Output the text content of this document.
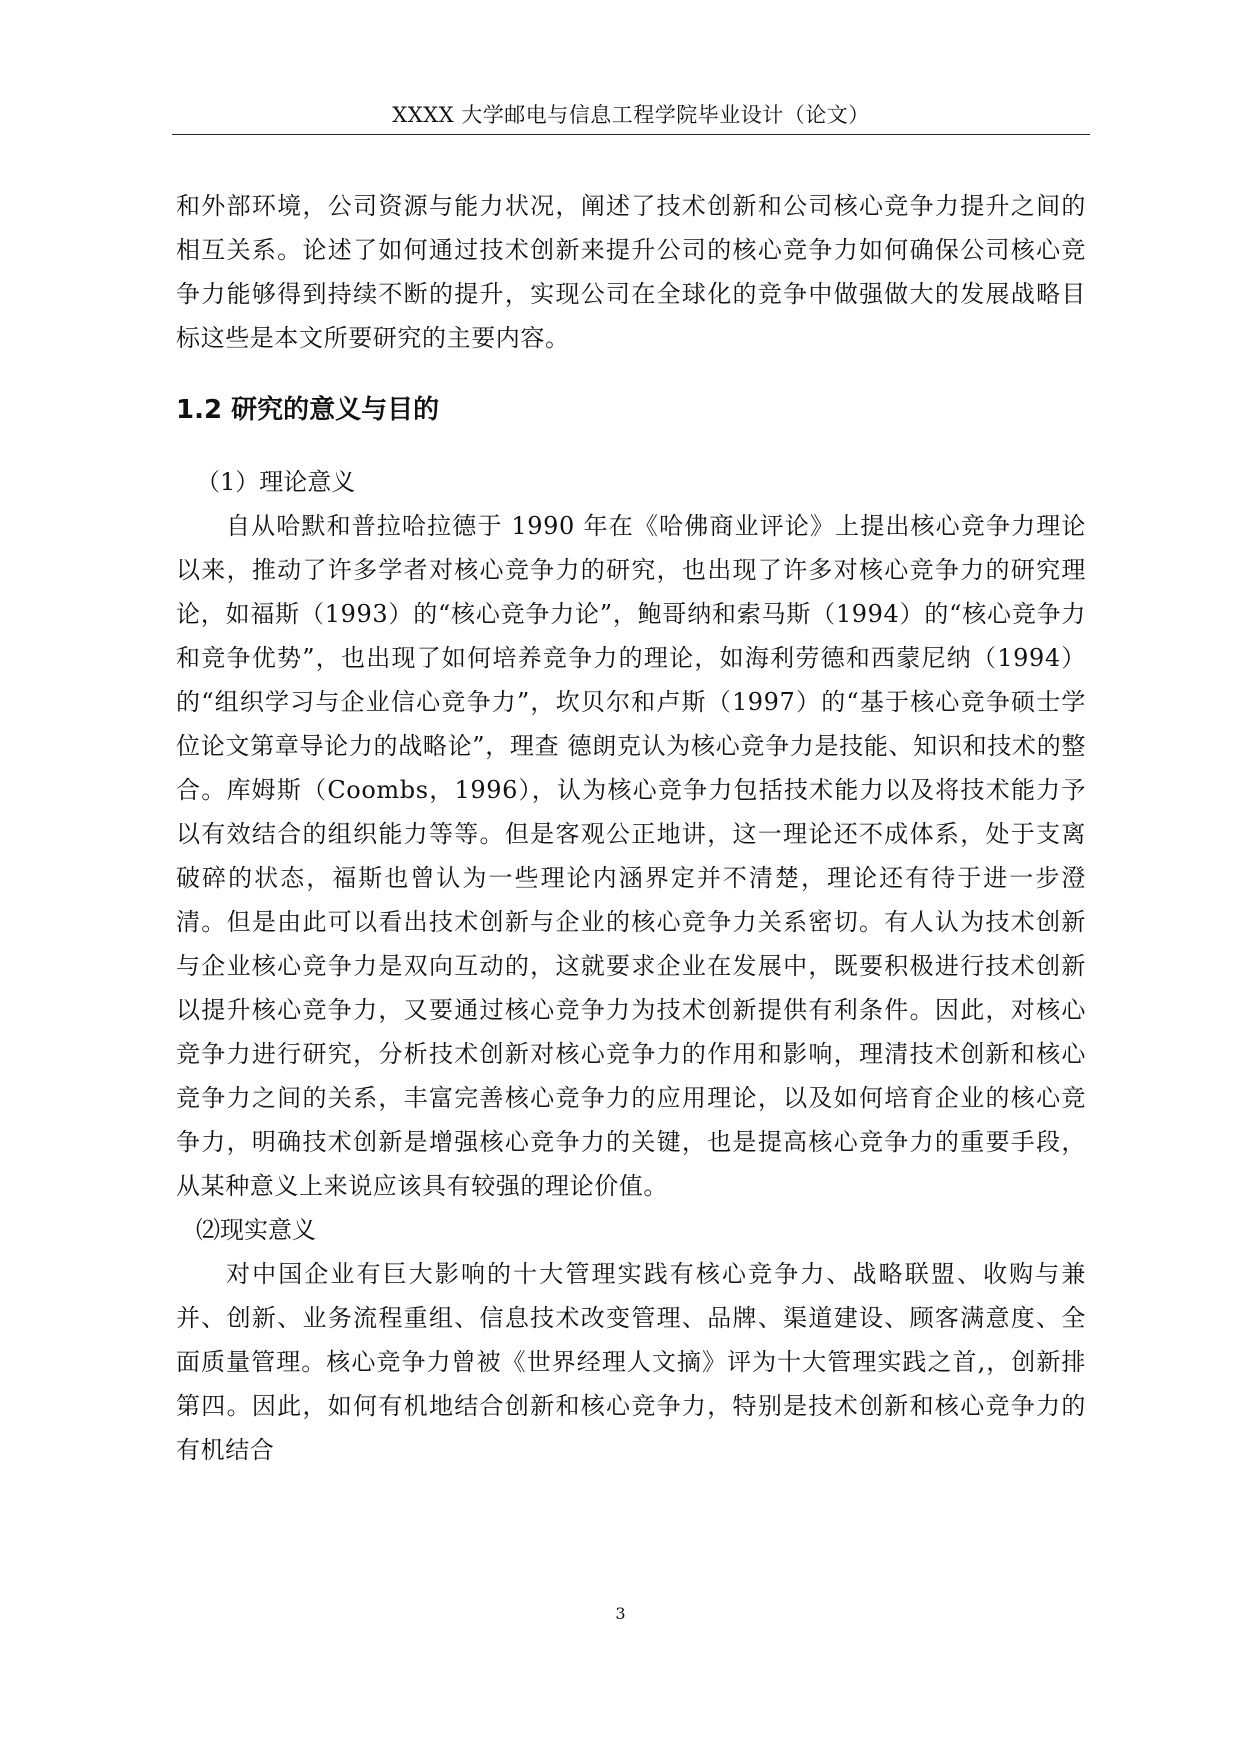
XXXX 大学邮电与信息工程学院毕业设计（论文）

和外部环境，公司资源与能力状况，阐述了技术创新和公司核心竞争力提升之间的相互关系。论述了如何通过技术创新来提升公司的核心竞争力如何确保公司核心竞争力能够得到持续不断的提升，实现公司在全球化的竞争中做强做大的发展战略目标这些是本文所要研究的主要内容。

1.2 研究的意义与目的

（1）理论意义

自从哈默和普拉哈拉德于 1990 年在《哈佛商业评论》上提出核心竞争力理论以来，推动了许多学者对核心竞争力的研究，也出现了许多对核心竞争力的研究理论，如福斯（1993）的“核心竞争力论”，鲍哥纳和索马斯（1994）的“核心竞争力和竞争优势”，也出现了如何培养竞争力的理论，如海利劳德和西蒙尼纳（1994）的“组织学习与企业信心竞争力”，坎贝尔和卢斯（1997）的“基于核心竞争硕士学位论文第章导论力的战略论”，理查 德朗克认为核心竞争力是技能、知识和技术的整合。库姆斯（Coombs，1996），认为核心竞争力包括技术能力以及将技术能力予以有效结合的组织能力等等。但是客观公正地讲，这一理论还不成体系，处于支离破碎的状态，福斯也曾认为一些理论内涵界定并不清楚，理论还有待于进一步澄清。但是由此可以看出技术创新与企业的核心竞争力关系密切。有人认为技术创新与企业核心竞争力是双向互动的，这就要求企业在发展中，既要积极进行技术创新以提升核心竞争力，又要通过核心竞争力为技术创新提供有利条件。因此，对核心竞争力进行研究，分析技术创新对核心竞争力的作用和影响，理清技术创新和核心竞争力之间的关系，丰富完善核心竞争力的应用理论，以及如何培育企业的核心竞争力，明确技术创新是增强核心竞争力的关键，也是提高核心竞争力的重要手段，从某种意义上来说应该具有较强的理论价值。

⑵现实意义

对中国企业有巨大影响的十大管理实践有核心竞争力、战略联盟、收购与兼并、创新、业务流程重组、信息技术改变管理、品牌、渠道建设、顾客满意度、全面质量管理。核心竞争力曾被《世界经理人文摘》评为十大管理实践之首,，创新排第四。因此，如何有机地结合创新和核心竞争力，特别是技术创新和核心竞争力的有机结合

3
